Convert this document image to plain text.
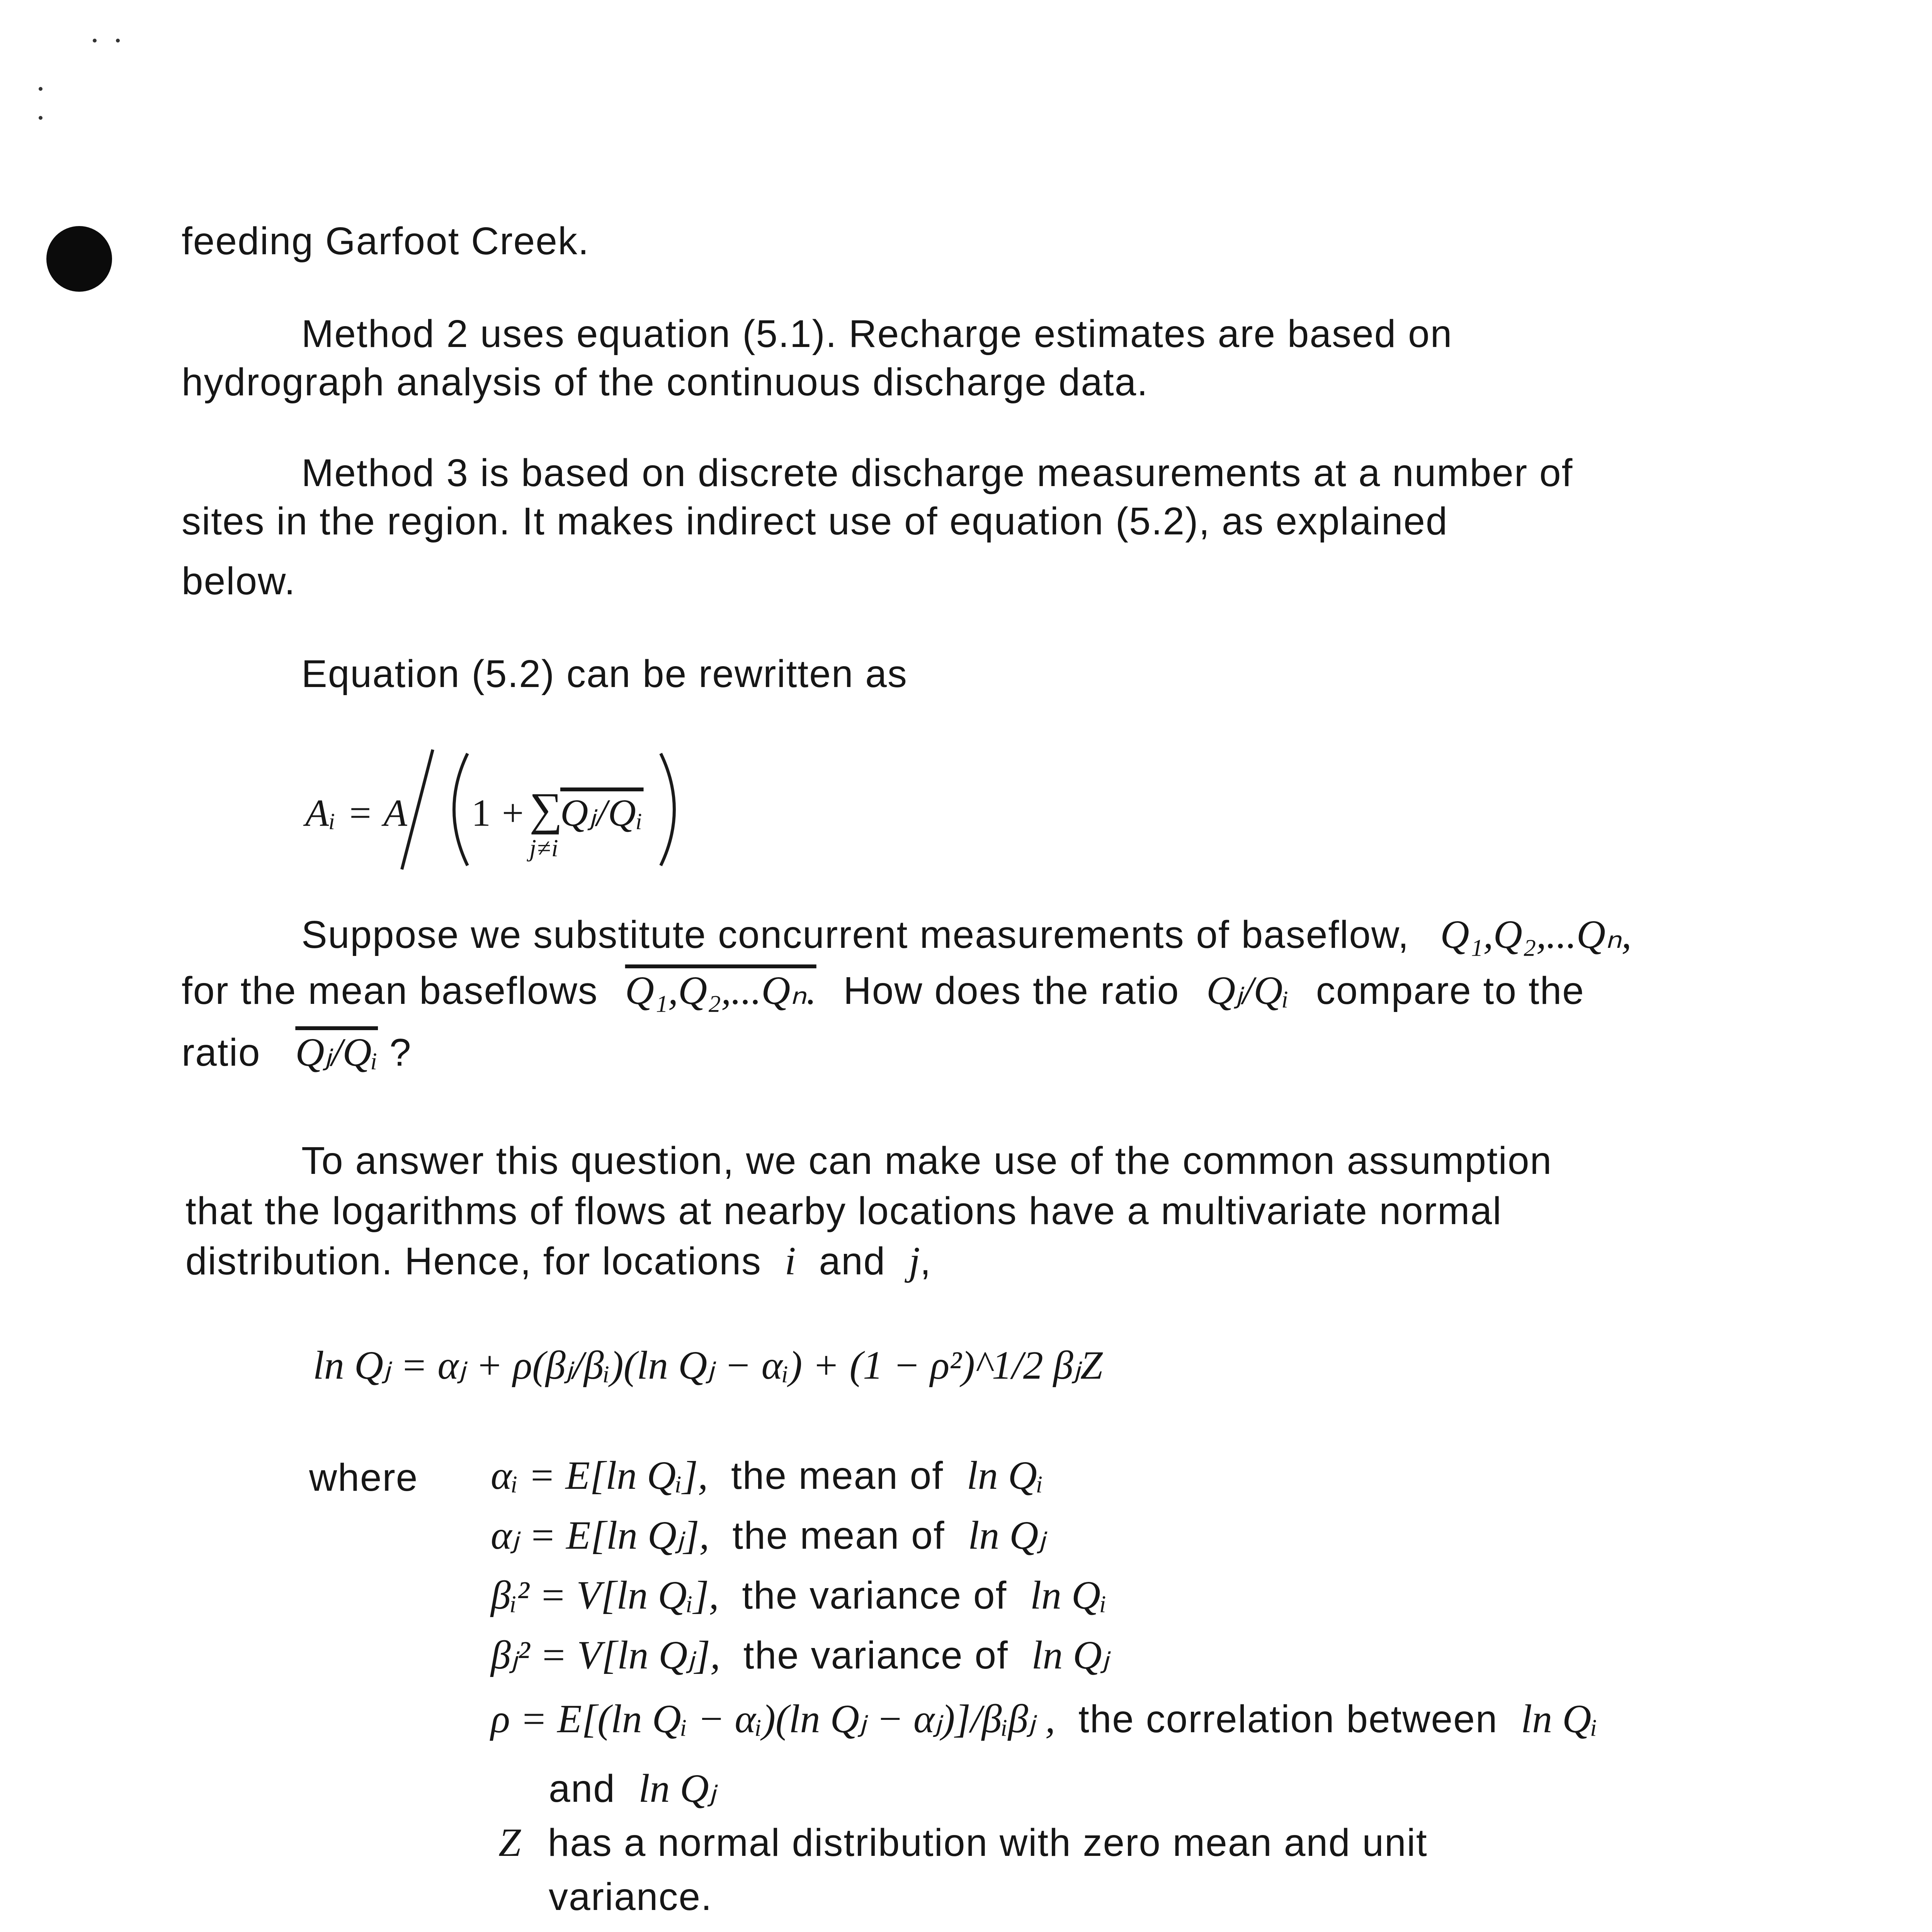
feeding Garfoot Creek.
Method 2 uses equation (5.1). Recharge estimates are based on
hydrograph analysis of the continuous discharge data.
Method 3 is based on discrete discharge measurements at a number of
sites in the region. It makes indirect use of equation (5.2), as explained
below.
Equation (5.2) can be rewritten as
Aᵢ = A 1 + ∑
Qⱼ/Qᵢ
j≠i
Suppose we substitute concurrent measurements of baseflow, Q₁,Q₂,...Qₙ,
for the mean baseflows Q₁,Q₂,...Qₙ. How does the ratio Qⱼ/Qᵢ compare to the
ratio Qⱼ/Qᵢ ?
To answer this question, we can make use of the common assumption
that the logarithms of flows at nearby locations have a multivariate normal
distribution. Hence, for locations i and j,
ln Qⱼ = αⱼ + ρ(βⱼ/βᵢ)(ln Qⱼ − αᵢ) + (1 − ρ²)^1/2 βⱼZ
where αᵢ = E[ln Qᵢ], the mean of ln Qᵢ
αⱼ = E[ln Qⱼ], the mean of ln Qⱼ
βᵢ² = V[ln Qᵢ], the variance of ln Qᵢ
βⱼ² = V[ln Qⱼ], the variance of ln Qⱼ
ρ = E[(ln Qᵢ − αᵢ)(ln Qⱼ − αⱼ)]/βᵢβⱼ , the correlation between ln Qᵢ
and ln Qⱼ
Z has a normal distribution with zero mean and unit
variance.
